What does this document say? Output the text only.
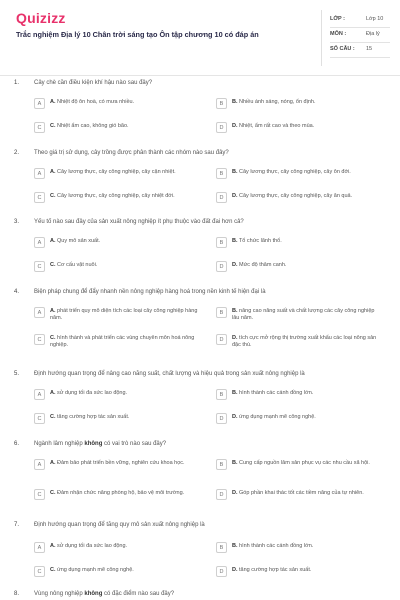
Quizizz
Trắc nghiệm Địa lý 10 Chân trời sáng tạo Ôn tập chương 10 có đáp án
LỚP :	Lớp 10
MÔN :	Địa lý
SỐ CÂU : 15
1. Cây chè cần điều kiện khí hậu nào sau đây?
A	A. Nhiệt độ ôn hoà, có mưa nhiều.	B	B. Nhiều ánh sáng, nóng, ổn định.
C	C. Nhiệt ẩm cao, không gió bão.	D	D. Nhiệt, ẩm rất cao và theo mùa.
2. Theo giá trị sử dụng, cây trồng được phân thành các nhóm nào sau đây?
A	A. Cây lương thực, cây công nghiệp, cây cận nhiệt.	B	B. Cây lương thực, cây công nghiệp, cây ôn đới.
C	C. Cây lương thực, cây công nghiệp, cây nhiệt đới.	D	D. Cây lương thực, cây công nghiệp, cây ăn quả.
3. Yếu tố nào sau đây của sản xuất nông nghiệp ít phụ thuộc vào đất đai hơn cả?
A	A. Quy mô sản xuất.	B	B. Tổ chức lãnh thổ.
C	C. Cơ cấu vật nuôi.	D	D. Mức độ thâm canh.
4. Biện pháp chung để đẩy nhanh nền nông nghiệp hàng hoá trong nền kinh tế hiện đại là
A	A. phát triển quy mô diện tích các loại cây công nghiệp hàng năm.
B	B. nâng cao năng suất và chất lượng các cây công nghiệp lâu năm.
C	C. hình thành và phát triển các vùng chuyên môn hoá nông nghiệp.
D	D. tích cực mở rộng thị trường xuất khẩu các loại nông sản đặc thù.
5. Định hướng quan trọng để nâng cao năng suất, chất lượng và hiệu quả trong sản xuất nông nghiệp là
A	A. sử dụng tối đa sức lao động.	B	B. hình thành các cánh đồng lớn.
C	C. tăng cường hợp tác sản xuất.	D	D. ứng dụng mạnh mẽ công nghệ.
6. Ngành lâm nghiệp không có vai trò nào sau đây?
A	A. Đảm bảo phát triển bền vững, nghiên cứu khoa học.	B	B. Cung cấp nguồn lâm sản phục vụ các nhu cầu xã hội.
C	C. Đảm nhận chức năng phòng hộ, bảo vệ môi trường.	D	D. Góp phần khai thác tốt các tiềm năng của tự nhiên.
7. Định hướng quan trọng để tăng quy mô sản xuất nông nghiệp là
A	A. sử dụng tối đa sức lao động.	B	B. hình thành các cánh đồng lớn.
C	C. ứng dụng mạnh mẽ công nghệ.	D	D. tăng cường hợp tác sản xuất.
8. Vùng nông nghiệp không có đặc điểm nào sau đây?
